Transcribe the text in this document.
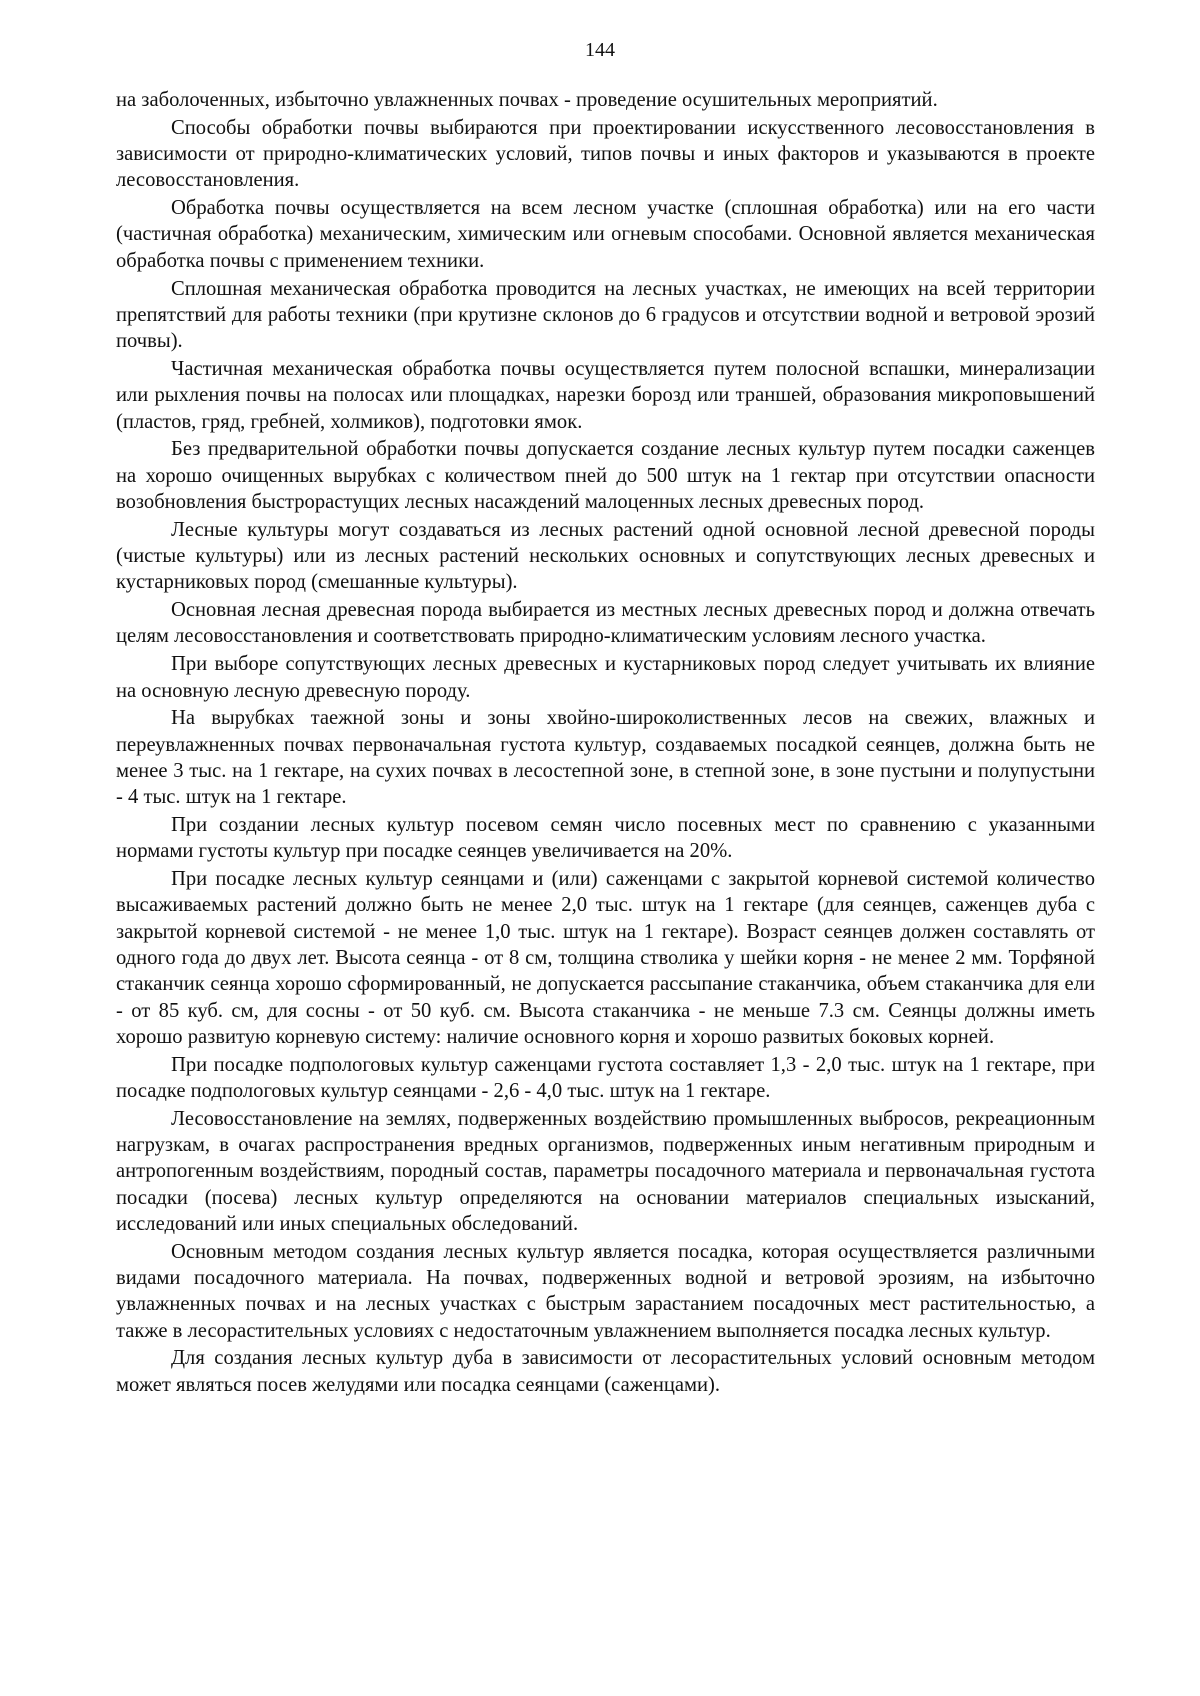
144

на заболоченных, избыточно увлажненных почвах - проведение осушительных мероприятий.

Способы обработки почвы выбираются при проектировании искусственного лесовосстановления в зависимости от природно-климатических условий, типов почвы и иных факторов и указываются в проекте лесовосстановления.

Обработка почвы осуществляется на всем лесном участке (сплошная обработка) или на его части (частичная обработка) механическим, химическим или огневым способами. Основной является механическая обработка почвы с применением техники.

Сплошная механическая обработка проводится на лесных участках, не имеющих на всей территории препятствий для работы техники (при крутизне склонов до 6 градусов и отсутствии водной и ветровой эрозий почвы).

Частичная механическая обработка почвы осуществляется путем полосной вспашки, минерализации или рыхления почвы на полосах или площадках, нарезки борозд или траншей, образования микроповышений (пластов, гряд, гребней, холмиков), подготовки ямок.

Без предварительной обработки почвы допускается создание лесных культур путем посадки саженцев на хорошо очищенных вырубках с количеством пней до 500 штук на 1 гектар при отсутствии опасности возобновления быстрорастущих лесных насаждений малоценных лесных древесных пород.

Лесные культуры могут создаваться из лесных растений одной основной лесной древесной породы (чистые культуры) или из лесных растений нескольких основных и сопутствующих лесных древесных и кустарниковых пород (смешанные культуры).

Основная лесная древесная порода выбирается из местных лесных древесных пород и должна отвечать целям лесовосстановления и соответствовать природно-климатическим условиям лесного участка.

При выборе сопутствующих лесных древесных и кустарниковых пород следует учитывать их влияние на основную лесную древесную породу.

На вырубках таежной зоны и зоны хвойно-широколиственных лесов на свежих, влажных и переувлажненных почвах первоначальная густота культур, создаваемых посадкой сеянцев, должна быть не менее 3 тыс. на 1 гектаре, на сухих почвах в лесостепной зоне, в степной зоне, в зоне пустыни и полупустыни - 4 тыс. штук на 1 гектаре.

При создании лесных культур посевом семян число посевных мест по сравнению с указанными нормами густоты культур при посадке сеянцев увеличивается на 20%.

При посадке лесных культур сеянцами и (или) саженцами с закрытой корневой системой количество высаживаемых растений должно быть не менее 2,0 тыс. штук на 1 гектаре (для сеянцев, саженцев дуба с закрытой корневой системой - не менее 1,0 тыс. штук на 1 гектаре). Возраст сеянцев должен составлять от одного года до двух лет. Высота сеянца - от 8 см, толщина стволика у шейки корня - не менее 2 мм. Торфяной стаканчик сеянца хорошо сформированный, не допускается рассыпание стаканчика, объем стаканчика для ели - от 85 куб. см, для сосны - от 50 куб. см. Высота стаканчика - не меньше 7.3 см. Сеянцы должны иметь хорошо развитую корневую систему: наличие основного корня и хорошо развитых боковых корней.

При посадке подпологовых культур саженцами густота составляет 1,3 - 2,0 тыс. штук на 1 гектаре, при посадке подпологовых культур сеянцами - 2,6 - 4,0 тыс. штук на 1 гектаре.

Лесовосстановление на землях, подверженных воздействию промышленных выбросов, рекреационным нагрузкам, в очагах распространения вредных организмов, подверженных иным негативным природным и антропогенным воздействиям, породный состав, параметры посадочного материала и первоначальная густота посадки (посева) лесных культур определяются на основании материалов специальных изысканий, исследований или иных специальных обследований.

Основным методом создания лесных культур является посадка, которая осуществляется различными видами посадочного материала. На почвах, подверженных водной и ветровой эрозиям, на избыточно увлажненных почвах и на лесных участках с быстрым зарастанием посадочных мест растительностью, а также в лесорастительных условиях с недостаточным увлажнением выполняется посадка лесных культур.

Для создания лесных культур дуба в зависимости от лесорастительных условий основным методом может являться посев желудями или посадка сеянцами (саженцами).
